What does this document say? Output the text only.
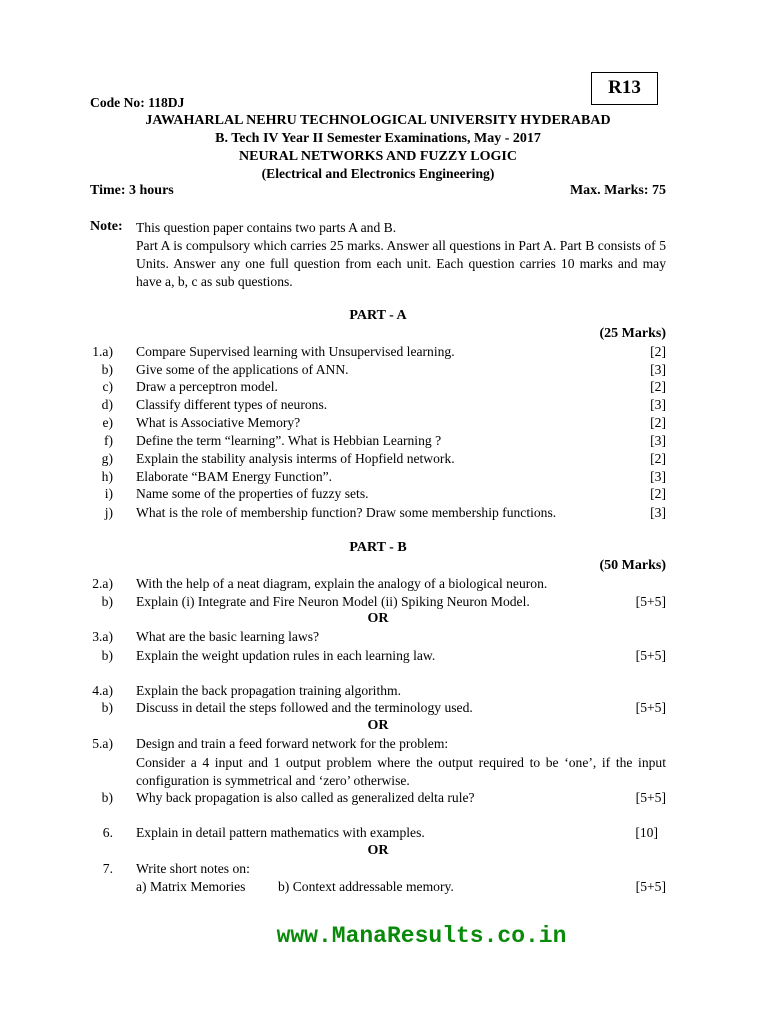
R13
Code No: 118DJ
JAWAHARLAL NEHRU TECHNOLOGICAL UNIVERSITY HYDERABAD
B. Tech IV Year II Semester Examinations, May - 2017
NEURAL NETWORKS AND FUZZY LOGIC
(Electrical and Electronics Engineering)
Time: 3 hours	Max. Marks: 75
Note: This question paper contains two parts A and B.
Part A is compulsory which carries 25 marks. Answer all questions in Part A. Part B consists of 5 Units. Answer any one full question from each unit. Each question carries 10 marks and may have a, b, c as sub questions.
PART - A
(25 Marks)
1.a) Compare Supervised learning with Unsupervised learning.	[2]
b) Give some of the applications of ANN.	[3]
c) Draw a perceptron model.	[2]
d) Classify different types of neurons.	[3]
e) What is Associative Memory?	[2]
f) Define the term “learning”. What is Hebbian Learning ?	[3]
g) Explain the stability analysis interms of Hopfield network.	[2]
h) Elaborate “BAM Energy Function”.	[3]
i) Name some of the properties of fuzzy sets.	[2]
j) What is the role of membership function? Draw some membership functions.	[3]
PART - B
(50 Marks)
2.a) With the help of a neat diagram, explain the analogy of a biological neuron.
b) Explain (i) Integrate and Fire Neuron Model (ii) Spiking Neuron Model.	[5+5]
OR
3.a) What are the basic learning laws?
b) Explain the weight updation rules in each learning law.	[5+5]
4.a) Explain the back propagation training algorithm.
b) Discuss in detail the steps followed and the terminology used.	[5+5]
OR
5.a) Design and train a feed forward network for the problem:
Consider a 4 input and 1 output problem where the output required to be ‘one’, if the input configuration is symmetrical and ‘zero’ otherwise.
b) Why back propagation is also called as generalized delta rule?	[5+5]
6. Explain in detail pattern mathematics with examples.	[10]
OR
7. Write short notes on:
a) Matrix Memories b) Context addressable memory.	[5+5]
www.ManaResults.co.in
